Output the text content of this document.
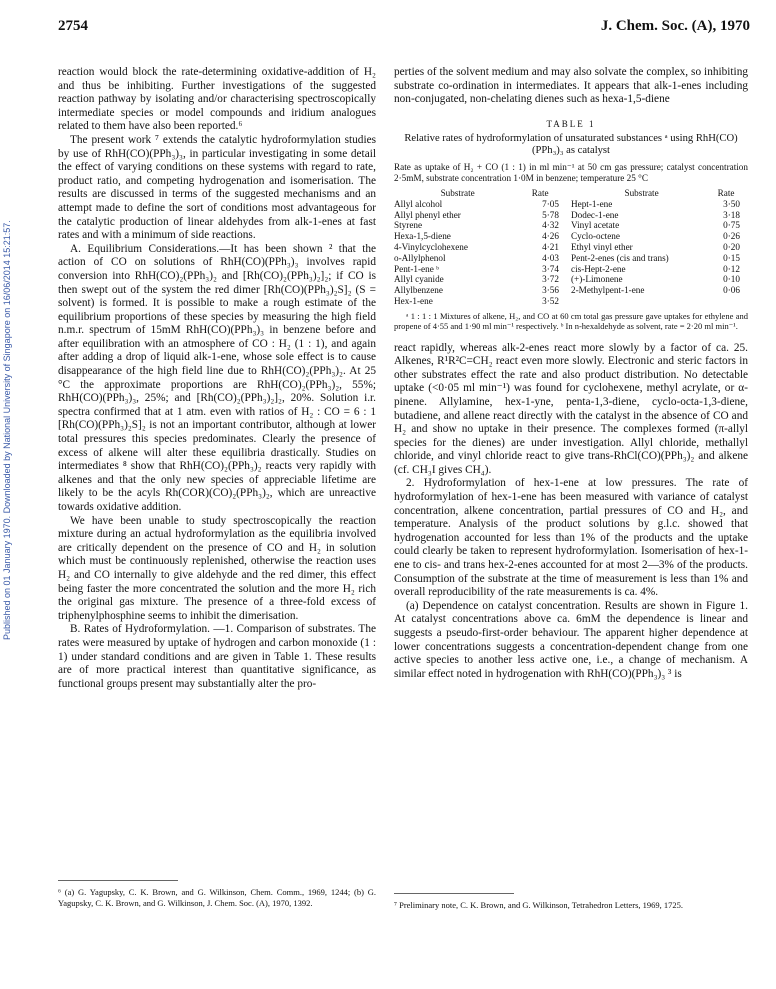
Published on 01 January 1970. Downloaded by National University of Singapore on 16/06/2014 15:21:57.
2754	J. Chem. Soc. (A), 1970

reaction would block the rate-determining oxidative-addition of H₂ and thus be inhibiting. Further investigations of the suggested reaction pathway by isolating and/or characterising spectroscopically intermediate species or model compounds and iridium analogues related to them have also been reported.⁶

The present work ⁷ extends the catalytic hydroformylation studies by use of RhH(CO)(PPh₃)₃, in particular investigating in some detail the effect of varying conditions on these systems with regard to rate, product ratio, and competing hydrogenation and isomerisation. The results are discussed in terms of the suggested mechanisms and an attempt made to define the sort of conditions most advantageous for the catalytic production of linear aldehydes from alk-1-enes at fast rates and with a minimum of side reactions.

A. Equilibrium Considerations.—It has been shown ² that the action of CO on solutions of RhH(CO)(PPh₃)₃ involves rapid conversion into RhH(CO)₂(PPh₃)₂ and [Rh(CO)₂(PPh₃)₂]₂; if CO is then swept out of the system the red dimer [Rh(CO)(PPh₃)₂S]₂ (S = solvent) is formed. It is possible to make a rough estimate of the equilibrium proportions of these species by measuring the high field n.m.r. spectrum of 15mM RhH(CO)(PPh₃)₃ in benzene before and after equilibration with an atmosphere of CO : H₂ (1 : 1), and again after adding a drop of liquid alk-1-ene, whose sole effect is to cause disappearance of the high field line due to RhH(CO)₂(PPh₃)₂. At 25 °C the approximate proportions are RhH(CO)₂(PPh₃)₂, 55%; RhH(CO)(PPh₃)₃, 25%; and [Rh(CO)₂(PPh₃)₂]₂, 20%. Solution i.r. spectra confirmed that at 1 atm. even with ratios of H₂ : CO = 6 : 1 [Rh(CO)(PPh₃)₂S]₂ is not an important contributor, although at lower total pressures this species predominates. Clearly the presence of excess of alkene will alter these equilibria drastically. Studies on intermediates ⁸ show that RhH(CO)₂(PPh₃)₂ reacts very rapidly with alkenes and that the only new species of appreciable lifetime are likely to be the acyls Rh(COR)(CO)₂(PPh₃)₂, which are unreactive towards oxidative addition.

We have been unable to study spectroscopically the reaction mixture during an actual hydroformylation as the equilibria involved are critically dependent on the presence of CO and H₂ in solution which must be continuously replenished, otherwise the reaction uses H₂ and CO internally to give aldehyde and the red dimer, this effect being faster the more concentrated the solution and the more H₂ rich the original gas mixture. The presence of a three-fold excess of triphenylphosphine seems to inhibit the dimerisation.

B. Rates of Hydroformylation. —1. Comparison of substrates. The rates were measured by uptake of hydrogen and carbon monoxide (1 : 1) under standard conditions and are given in Table 1. These results are of more practical interest than quantitative significance, as functional groups present may substantially alter the pro-

⁶ (a) G. Yagupsky, C. K. Brown, and G. Wilkinson, Chem. Comm., 1969, 1244; (b) G. Yagupsky, C. K. Brown, and G. Wilkinson, J. Chem. Soc. (A), 1970, 1392.

perties of the solvent medium and may also solvate the complex, so inhibiting substrate co-ordination in intermediates. It appears that alk-1-enes including non-conjugated, non-chelating dienes such as hexa-1,5-diene

TABLE 1
Relative rates of hydroformylation of unsaturated substances ᵃ using RhH(CO)(PPh₃)₃ as catalyst
Rate as uptake of H₂ + CO (1 : 1) in ml min⁻¹ at 50 cm gas pressure; catalyst concentration 2·5mM, substrate concentration 1·0M in benzene; temperature 25 °C
Substrate	Rate
Allyl alcohol	7·05
Allyl phenyl ether	5·78
Styrene	4·32
Hexa-1,5-diene	4·26
4-Vinylcyclohexene	4·21
o-Allylphenol	4·03
Pent-1-ene ᵇ	3·74
Allyl cyanide	3·72
Allylbenzene	3·56
Hex-1-ene	3·52
Substrate	Rate
Hept-1-ene	3·50
Dodec-1-ene	3·18
Vinyl acetate	0·75
Cyclo-octene	0·26
Ethyl vinyl ether	0·20
Pent-2-enes (cis and trans)	0·15
cis-Hept-2-ene	0·12
(+)-Limonene	0·10
2-Methylpent-1-ene	0·06
ᵃ 1 : 1 : 1 Mixtures of alkene, H₂, and CO at 60 cm total gas pressure gave uptakes for ethylene and propene of 4·55 and 1·90 ml min⁻¹ respectively. ᵇ In n-hexaldehyde as solvent, rate = 2·20 ml min⁻¹.

react rapidly, whereas alk-2-enes react more slowly by a factor of ca. 25. Alkenes, R¹R²C=CH₂ react even more slowly. Electronic and steric factors in other substrates effect the rate and also product distribution. No detectable uptake (<0·05 ml min⁻¹) was found for cyclohexene, methyl acrylate, or α-pinene. Allylamine, hex-1-yne, penta-1,3-diene, cyclo-octa-1,3-diene, butadiene, and allene react directly with the catalyst in the absence of CO and H₂ and show no uptake in their presence. The complexes formed (π-allyl species for the dienes) are under investigation. Allyl chloride, methallyl chloride, and vinyl chloride react to give trans-RhCl(CO)(PPh₃)₂ and alkene (cf. CH₃I gives CH₄).

2. Hydroformylation of hex-1-ene at low pressures. The rate of hydroformylation of hex-1-ene has been measured with variance of catalyst concentration, alkene concentration, partial pressures of CO and H₂, and temperature. Analysis of the product solutions by g.l.c. showed that hydrogenation accounted for less than 1% of the products and the uptake could clearly be taken to represent hydroformylation. Isomerisation of hex-1-ene to cis- and trans hex-2-enes accounted for at most 2—3% of the products. Consumption of the substrate at the time of measurement is less than 1% and overall reproducibility of the rate measurements is ca. 4%.

(a) Dependence on catalyst concentration. Results are shown in Figure 1. At catalyst concentrations above ca. 6mM the dependence is linear and suggests a pseudo-first-order behaviour. The apparent higher dependence at lower concentrations suggests a concentration-dependent change from one active species to another less active one, i.e., a change of mechanism. A similar effect noted in hydrogenation with RhH(CO)(PPh₃)₃ ³ is

⁷ Preliminary note, C. K. Brown, and G. Wilkinson, Tetrahedron Letters, 1969, 1725.
